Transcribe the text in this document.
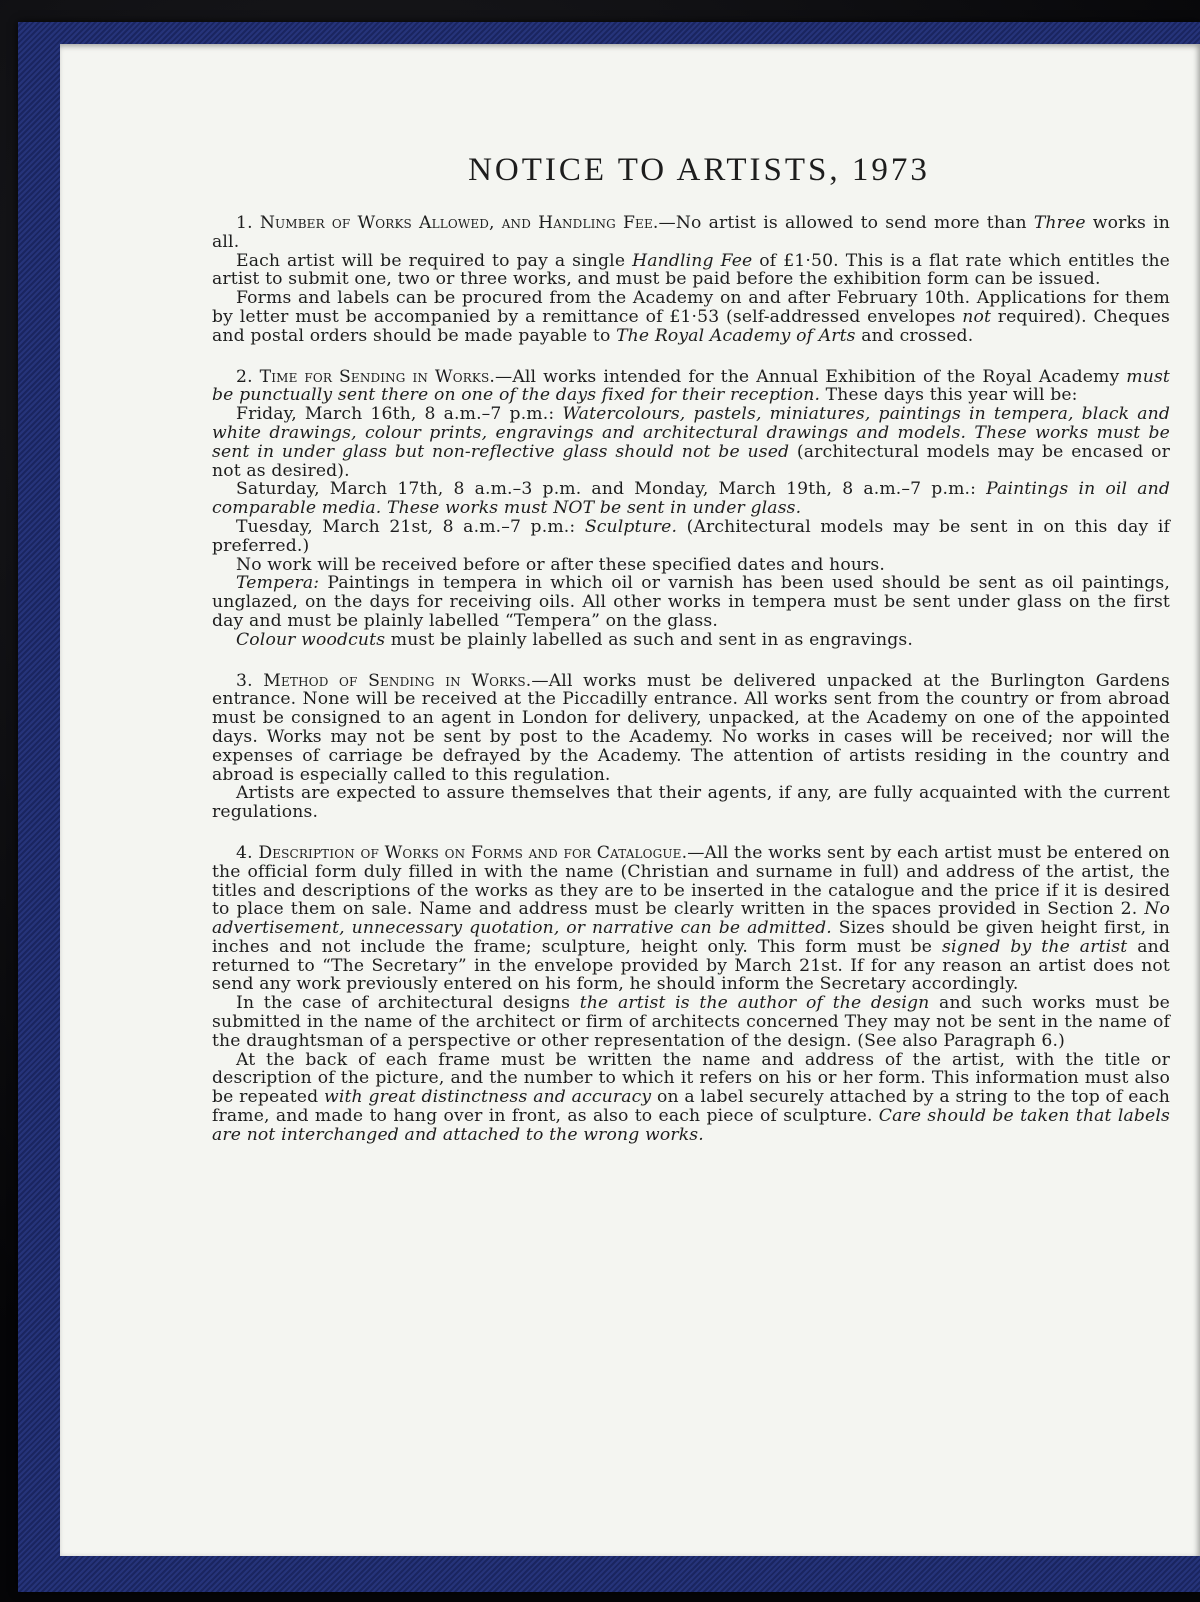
NOTICE TO ARTISTS, 1973

1. Number of Works Allowed, and Handling Fee.—No artist is allowed to send more than Three works in all.

Each artist will be required to pay a single Handling Fee of £1·50. This is a flat rate which entitles the artist to submit one, two or three works, and must be paid before the exhibition form can be issued.

Forms and labels can be procured from the Academy on and after February 10th. Applications for them by letter must be accompanied by a remittance of £1·53 (self-addressed envelopes not required). Cheques and postal orders should be made payable to The Royal Academy of Arts and crossed.

2. Time for Sending in Works.—All works intended for the Annual Exhibition of the Royal Academy must be punctually sent there on one of the days fixed for their reception. These days this year will be:

Friday, March 16th, 8 a.m.–7 p.m.: Watercolours, pastels, miniatures, paintings in tempera, black and white drawings, colour prints, engravings and architectural drawings and models. These works must be sent in under glass but non-reflective glass should not be used (architectural models may be encased or not as desired).

Saturday, March 17th, 8 a.m.–3 p.m. and Monday, March 19th, 8 a.m.–7 p.m.: Paintings in oil and comparable media. These works must NOT be sent in under glass.

Tuesday, March 21st, 8 a.m.–7 p.m.: Sculpture. (Architectural models may be sent in on this day if preferred.)

No work will be received before or after these specified dates and hours.

Tempera: Paintings in tempera in which oil or varnish has been used should be sent as oil paintings, unglazed, on the days for receiving oils. All other works in tempera must be sent under glass on the first day and must be plainly labelled “Tempera” on the glass.

Colour woodcuts must be plainly labelled as such and sent in as engravings.

3. Method of Sending in Works.—All works must be delivered unpacked at the Burlington Gardens entrance. None will be received at the Piccadilly entrance. All works sent from the country or from abroad must be consigned to an agent in London for delivery, unpacked, at the Academy on one of the appointed days. Works may not be sent by post to the Academy. No works in cases will be received; nor will the expenses of carriage be defrayed by the Academy. The attention of artists residing in the country and abroad is especially called to this regulation.

Artists are expected to assure themselves that their agents, if any, are fully acquainted with the current regulations.

4. Description of Works on Forms and for Catalogue.—All the works sent by each artist must be entered on the official form duly filled in with the name (Christian and surname in full) and address of the artist, the titles and descriptions of the works as they are to be inserted in the catalogue and the price if it is desired to place them on sale. Name and address must be clearly written in the spaces provided in Section 2. No advertisement, unnecessary quotation, or narrative can be admitted. Sizes should be given height first, in inches and not include the frame; sculpture, height only. This form must be signed by the artist and returned to “The Secretary” in the envelope provided by March 21st. If for any reason an artist does not send any work previously entered on his form, he should inform the Secretary accordingly.

In the case of architectural designs the artist is the author of the design and such works must be submitted in the name of the architect or firm of architects concerned They may not be sent in the name of the draughtsman of a perspective or other representation of the design. (See also Paragraph 6.)

At the back of each frame must be written the name and address of the artist, with the title or description of the picture, and the number to which it refers on his or her form. This information must also be repeated with great distinctness and accuracy on a label securely attached by a string to the top of each frame, and made to hang over in front, as also to each piece of sculpture. Care should be taken that labels are not interchanged and attached to the wrong works.
